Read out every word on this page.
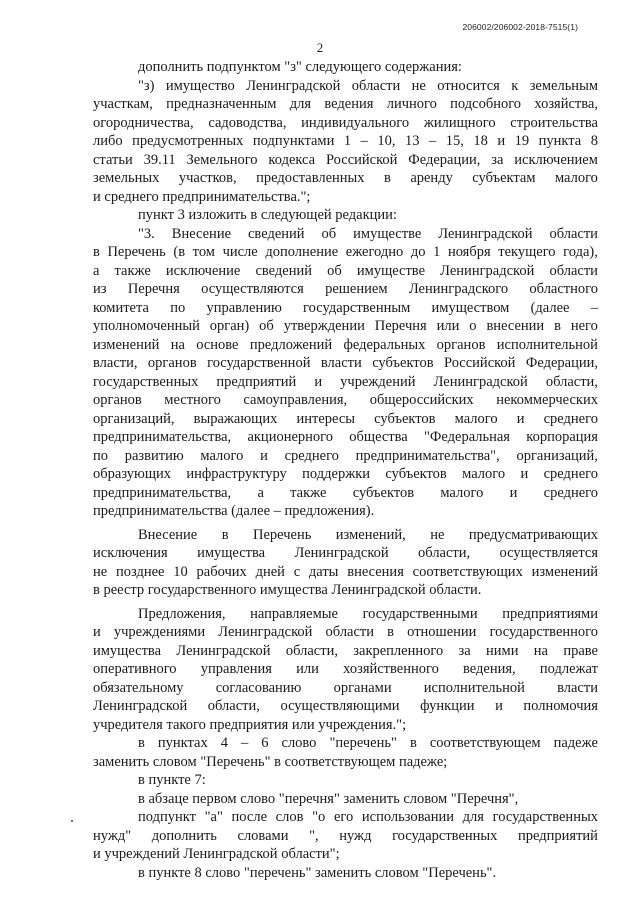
206002/206002-2018-7515(1)
2
дополнить подпунктом "з" следующего содержания:
"з) имущество Ленинградской области не относится к земельным
участкам, предназначенным для ведения личного подсобного хозяйства,
огородничества, садоводства, индивидуального жилищного строительства
либо предусмотренных подпунктами 1 – 10, 13 – 15, 18 и 19 пункта 8
статьи 39.11 Земельного кодекса Российской Федерации, за исключением
земельных участков, предоставленных в аренду субъектам малого
и среднего предпринимательства.";
пункт 3 изложить в следующей редакции:
"3. Внесение сведений об имуществе Ленинградской области
в Перечень (в том числе дополнение ежегодно до 1 ноября текущего года),
а также исключение сведений об имуществе Ленинградской области
из Перечня осуществляются решением Ленинградского областного
комитета по управлению государственным имуществом (далее –
уполномоченный орган) об утверждении Перечня или о внесении в него
изменений на основе предложений федеральных органов исполнительной
власти, органов государственной власти субъектов Российской Федерации,
государственных предприятий и учреждений Ленинградской области,
органов местного самоуправления, общероссийских некоммерческих
организаций, выражающих интересы субъектов малого и среднего
предпринимательства, акционерного общества "Федеральная корпорация
по развитию малого и среднего предпринимательства", организаций,
образующих инфраструктуру поддержки субъектов малого и среднего
предпринимательства, а также субъектов малого и среднего
предпринимательства (далее – предложения).
Внесение в Перечень изменений, не предусматривающих
исключения имущества Ленинградской области, осуществляется
не позднее 10 рабочих дней с даты внесения соответствующих изменений
в реестр государственного имущества Ленинградской области.
Предложения, направляемые государственными предприятиями
и учреждениями Ленинградской области в отношении государственного
имущества Ленинградской области, закрепленного за ними на праве
оперативного управления или хозяйственного ведения, подлежат
обязательному согласованию органами исполнительной власти
Ленинградской области, осуществляющими функции и полномочия
учредителя такого предприятия или учреждения.";
в пунктах 4 – 6 слово "перечень" в соответствующем падеже
заменить словом "Перечень" в соответствующем падеже;
в пункте 7:
в абзаце первом слово "перечня" заменить словом "Перечня",
подпункт "а" после слов "о его использовании для государственных
нужд" дополнить словами ", нужд государственных предприятий
и учреждений Ленинградской области";
в пункте 8 слово "перечень" заменить словом "Перечень".
